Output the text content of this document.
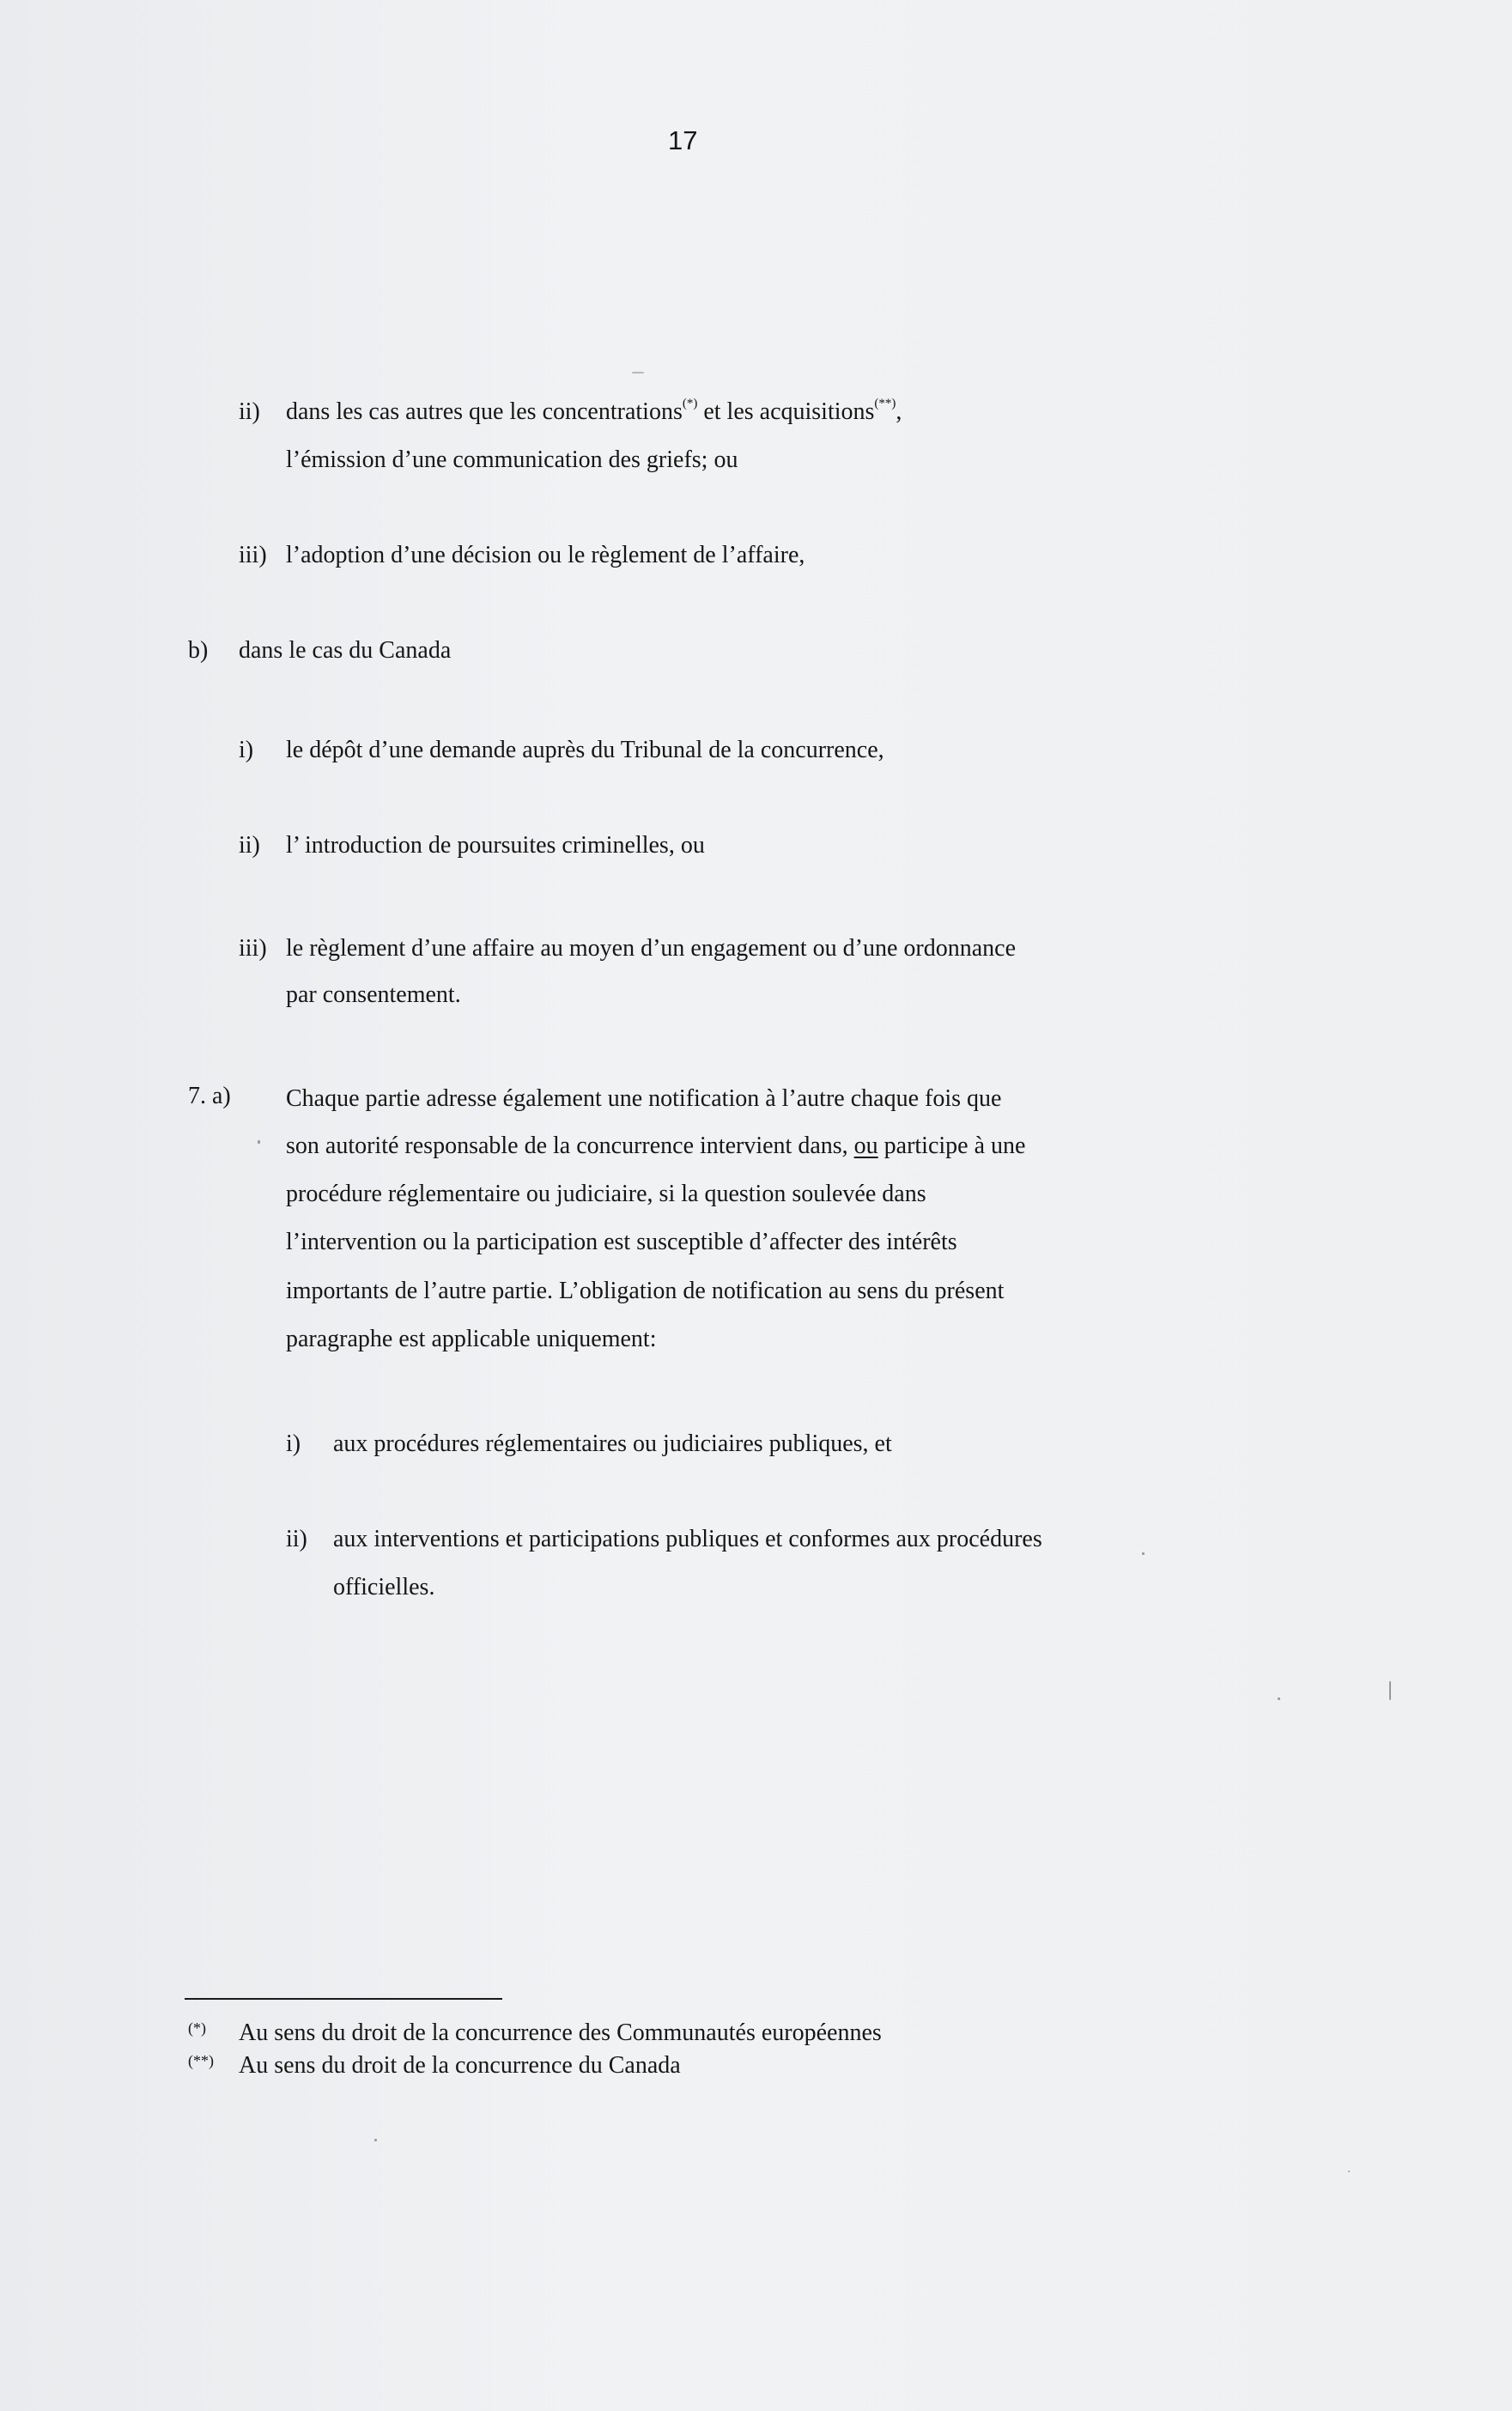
17
ii) dans les cas autres que les concentrations(*) et les acquisitions(**),
l’émission d’une communication des griefs; ou
iii) l’adoption d’une décision ou le règlement de l’affaire,
b) dans le cas du Canada
i) le dépôt d’une demande auprès du Tribunal de la concurrence,
ii) l’ introduction de poursuites criminelles, ou
iii) le règlement d’une affaire au moyen d’un engagement ou d’une ordonnance
par consentement.
7. a) Chaque partie adresse également une notification à l’autre chaque fois que
son autorité responsable de la concurrence intervient dans, ou participe à une
procédure réglementaire ou judiciaire, si la question soulevée dans
l’intervention ou la participation est susceptible d’affecter des intérêts
importants de l’autre partie. L’obligation de notification au sens du présent
paragraphe est applicable uniquement:
i) aux procédures réglementaires ou judiciaires publiques, et
ii) aux interventions et participations publiques et conformes aux procédures
officielles.
(*) Au sens du droit de la concurrence des Communautés européennes
(**) Au sens du droit de la concurrence du Canada
